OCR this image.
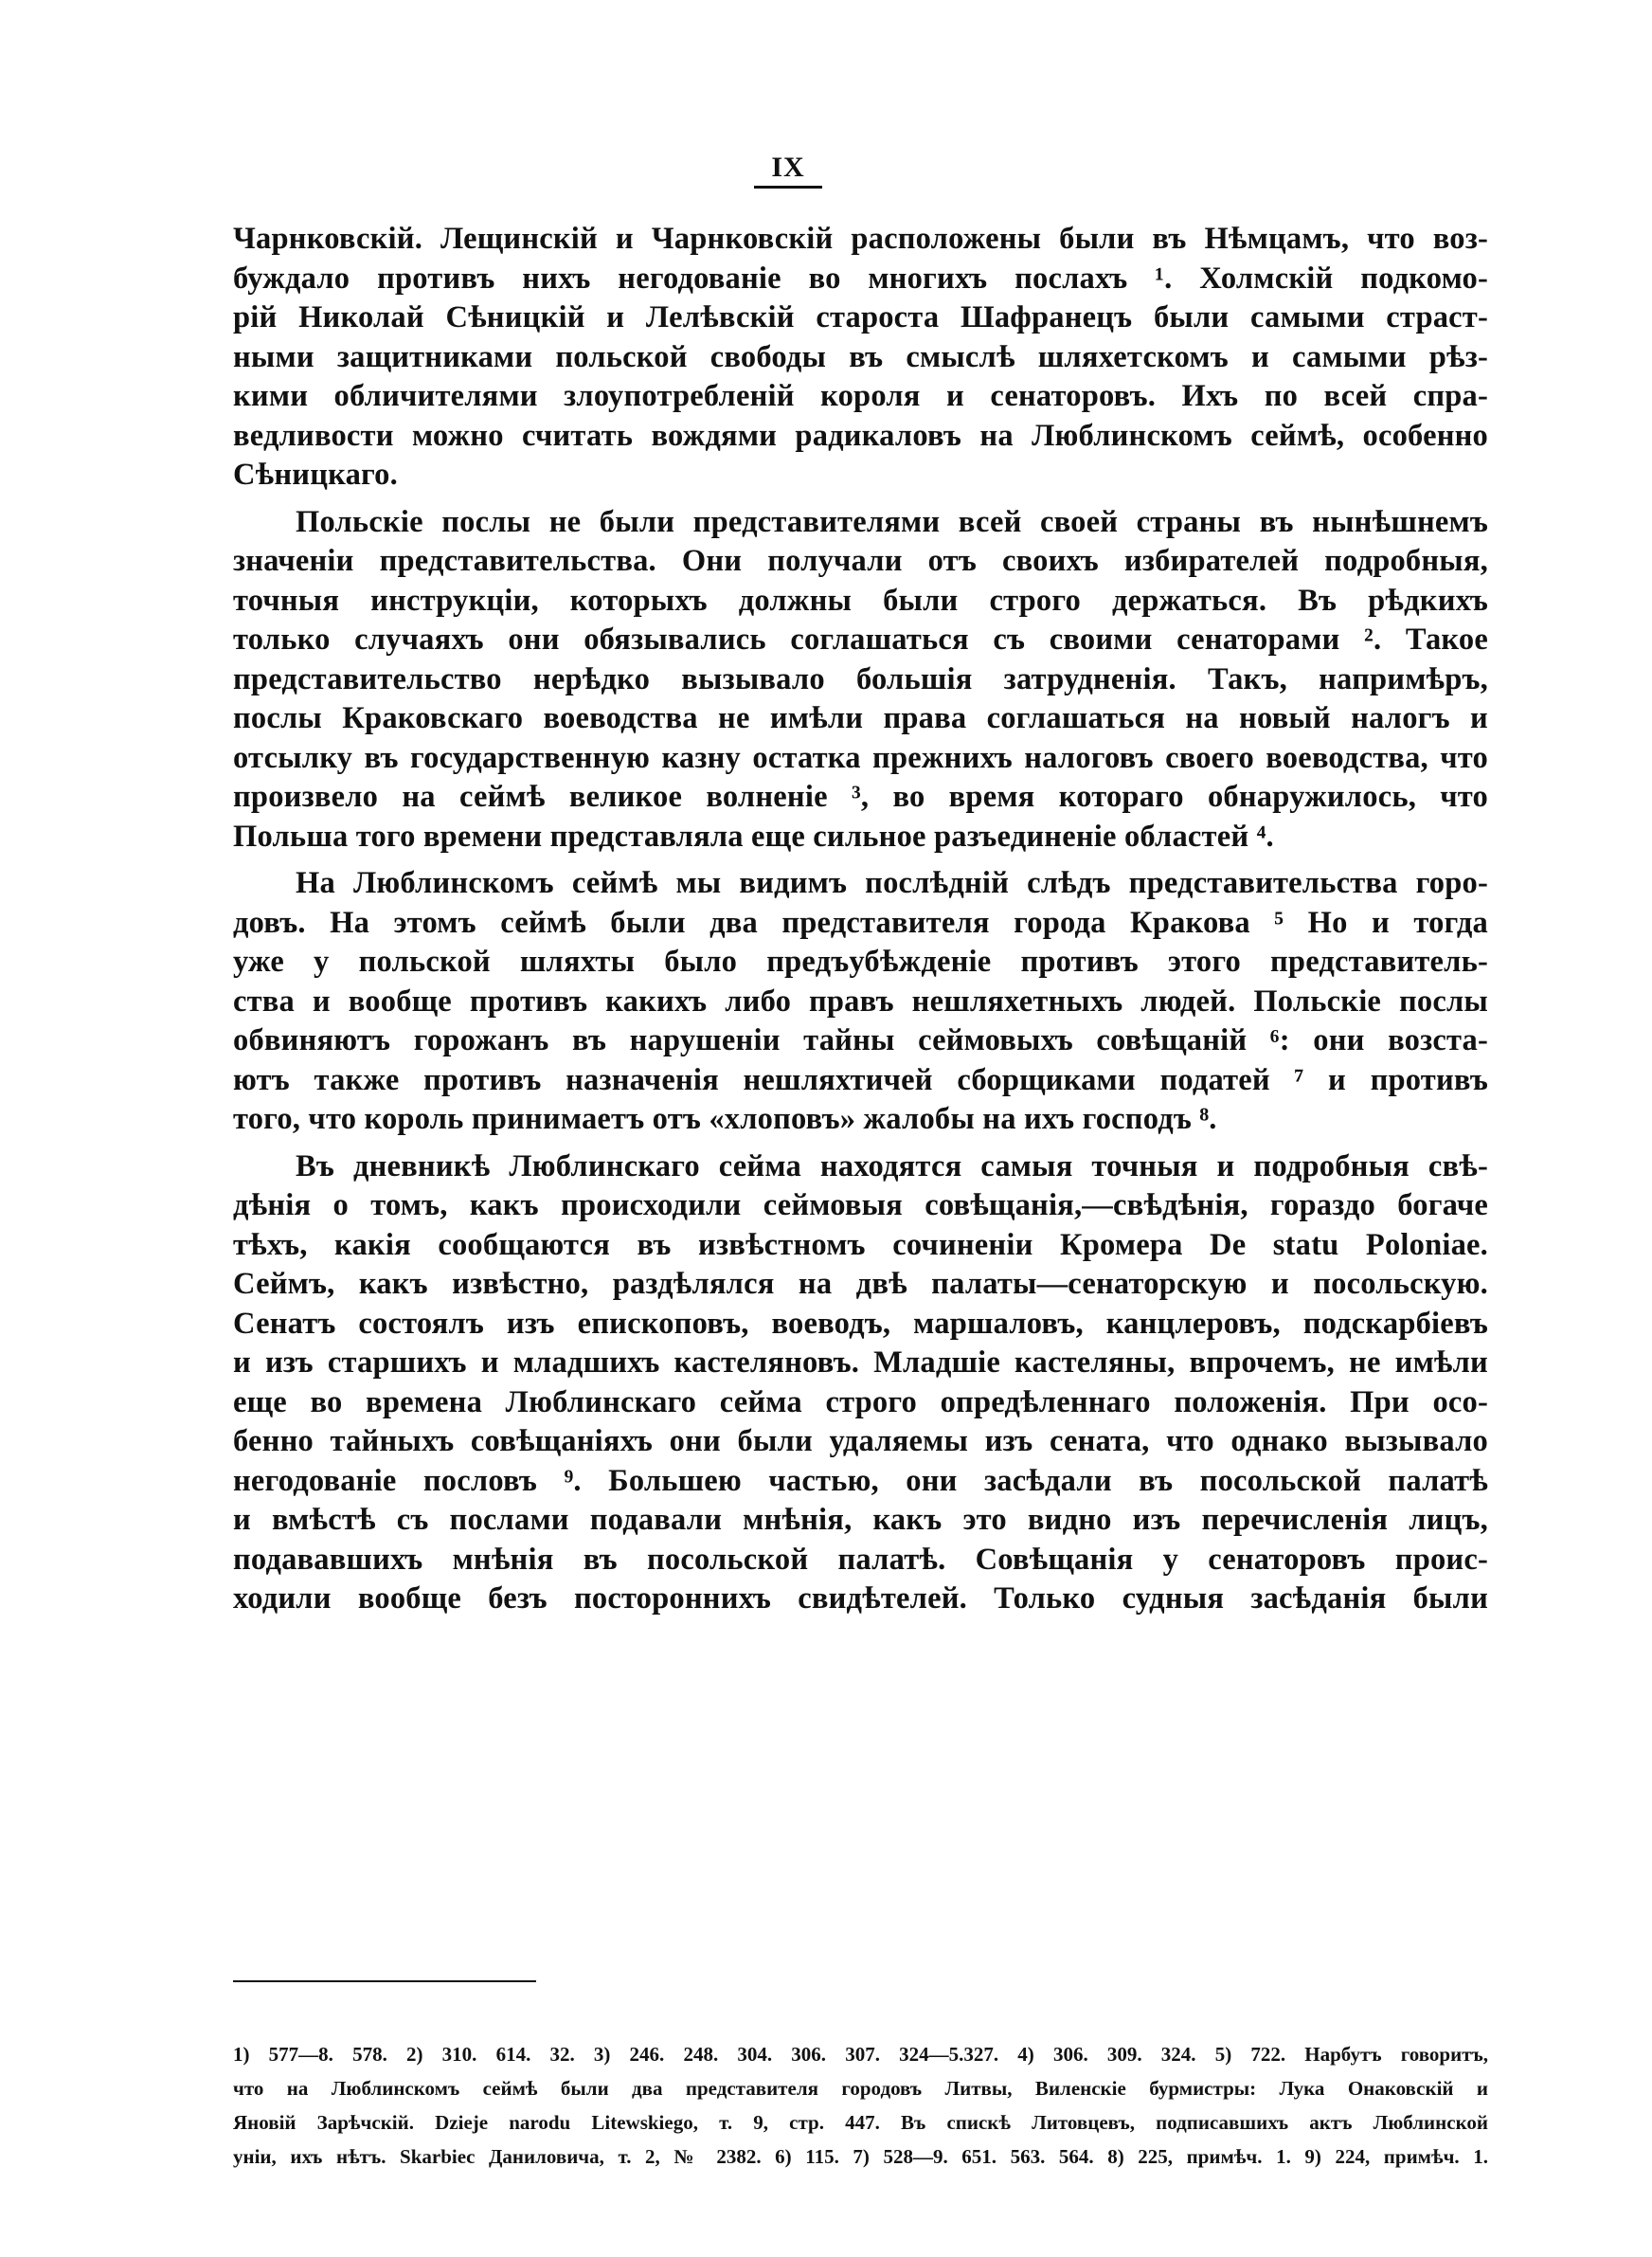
IX
Чарнковскій. Лещинскій и Чарнковскій расположены были въ Нѣмцамъ, что воз-
буждало противъ нихъ негодованіе во многихъ послахъ ¹. Холмскій подкомо-
рій Николай Сѣницкій и Лелѣвскій староста Шафранецъ были самыми страст-
ными защитниками польской свободы въ смыслѣ шляхетскомъ и самыми рѣз-
кими обличителями злоупотребленій короля и сенаторовъ. Ихъ по всей спра-
ведливости можно считать вождями радикаловъ на Люблинскомъ сеймѣ, особенно
Сѣницкаго.
Польскіе послы не были представителями всей своей страны въ нынѣшнемъ
значеніи представительства. Они получали отъ своихъ избирателей подробныя,
точныя инструкціи, которыхъ должны были строго держаться. Въ рѣдкихъ
только случаяхъ они обязывались соглашаться съ своими сенаторами ². Такое
представительство нерѣдко вызывало большія затрудненія. Такъ, напримѣръ,
послы Краковскаго воеводства не имѣли права соглашаться на новый налогъ и
отсылку въ государственную казну остатка прежнихъ налоговъ своего воеводства, что
произвело на сеймѣ великое волненіе ³, во время котораго обнаружилось, что
Польша того времени представляла еще сильное разъединеніе областей ⁴.
На Люблинскомъ сеймѣ мы видимъ послѣдній слѣдъ представительства горо-
довъ. На этомъ сеймѣ были два представителя города Кракова ⁵ Но и тогда
уже у польской шляхты было предъубѣжденіе противъ этого представитель-
ства и вообще противъ какихъ либо правъ нешляхетныхъ людей. Польскіе послы
обвиняютъ горожанъ въ нарушеніи тайны сеймовыхъ совѣщаній ⁶: они возста-
ютъ также противъ назначенія нешляхтичей сборщиками податей ⁷ и противъ
того, что король принимаетъ отъ «хлоповъ» жалобы на ихъ господъ ⁸.
Въ дневникѣ Люблинскаго сейма находятся самыя точныя и подробныя свѣ-
дѣнія о томъ, какъ происходили сеймовыя совѣщанія,—свѣдѣнія, гораздо богаче
тѣхъ, какія сообщаются въ извѣстномъ сочиненіи Кромера De statu Poloniae.
Сеймъ, какъ извѣстно, раздѣлялся на двѣ палаты—сенаторскую и посольскую.
Сенатъ состоялъ изъ епископовъ, воеводъ, маршаловъ, канцлеровъ, подскарбіевъ
и изъ старшихъ и младшихъ кастеляновъ. Младшіе кастеляны, впрочемъ, не имѣли
еще во времена Люблинскаго сейма строго опредѣленнаго положенія. При осо-
бенно тайныхъ совѣщаніяхъ они были удаляемы изъ сената, что однако вызывало
негодованіе пословъ ⁹. Большею частью, они засѣдали въ посольской палатѣ
и вмѣстѣ съ послами подавали мнѣнія, какъ это видно изъ перечисленія лицъ,
подававшихъ мнѣнія въ посольской палатѣ. Совѣщанія у сенаторовъ проис-
ходили вообще безъ постороннихъ свидѣтелей. Только судныя засѣданія были
1) 577—8. 578. 2) 310. 614. 32. 3) 246. 248. 304. 306. 307. 324—5.327. 4) 306. 309. 324. 5) 722. Нарбутъ говоритъ,
что на Люблинскомъ сеймѣ были два представителя городовъ Литвы, Виленскіе бурмистры: Лука Онаковскій и
Яновій Зарѣчскій. Dzieje narodu Litewskiego, т. 9, стр. 447. Въ спискѣ Литовцевъ, подписавшихъ актъ Люблинской
уніи, ихъ нѣтъ. Skarbiec Даниловича, т. 2, № 2382. 6) 115. 7) 528—9. 651. 563. 564. 8) 225, примѣч. 1. 9) 224, примѣч. 1.
